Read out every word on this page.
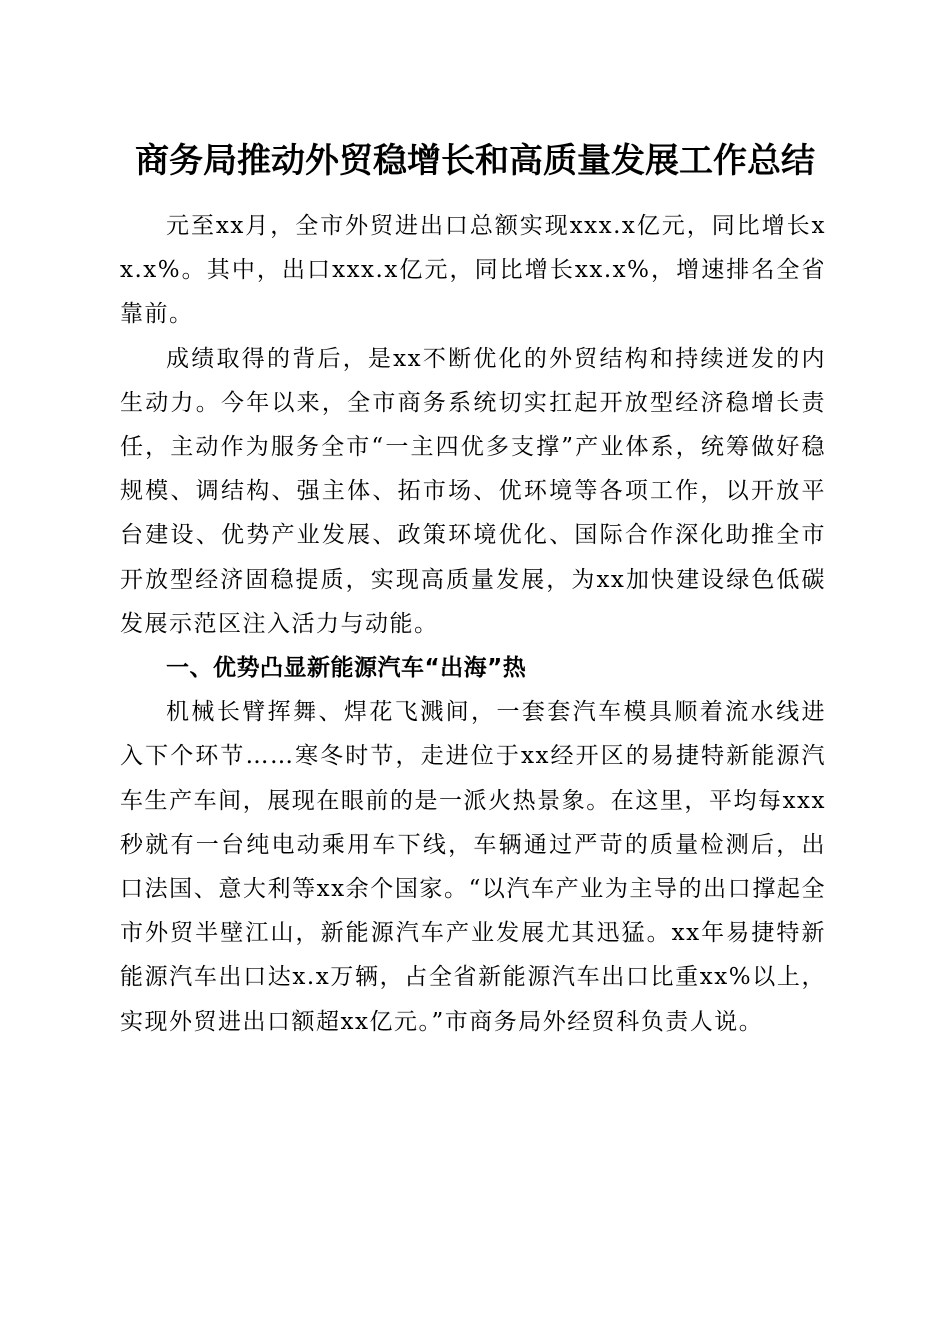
商务局推动外贸稳增长和高质量发展工作总结

元至xx月，全市外贸进出口总额实现xxx.x亿元，同比增长xx.x%。其中，出口xxx.x亿元，同比增长xx.x%，增速排名全省靠前。

成绩取得的背后，是xx不断优化的外贸结构和持续迸发的内生动力。今年以来，全市商务系统切实扛起开放型经济稳增长责任，主动作为服务全市“一主四优多支撑”产业体系，统筹做好稳规模、调结构、强主体、拓市场、优环境等各项工作，以开放平台建设、优势产业发展、政策环境优化、国际合作深化助推全市开放型经济固稳提质，实现高质量发展，为xx加快建设绿色低碳发展示范区注入活力与动能。

一、优势凸显新能源汽车“出海”热

机械长臂挥舞、焊花飞溅间，一套套汽车模具顺着流水线进入下个环节……寒冬时节，走进位于xx经开区的易捷特新能源汽车生产车间，展现在眼前的是一派火热景象。在这里，平均每xxx秒就有一台纯电动乘用车下线，车辆通过严苛的质量检测后，出口法国、意大利等xx余个国家。“以汽车产业为主导的出口撑起全市外贸半壁江山，新能源汽车产业发展尤其迅猛。xx年易捷特新能源汽车出口达x.x万辆，占全省新能源汽车出口比重xx%以上，实现外贸进出口额超xx亿元。”市商务局外经贸科负责人说。
